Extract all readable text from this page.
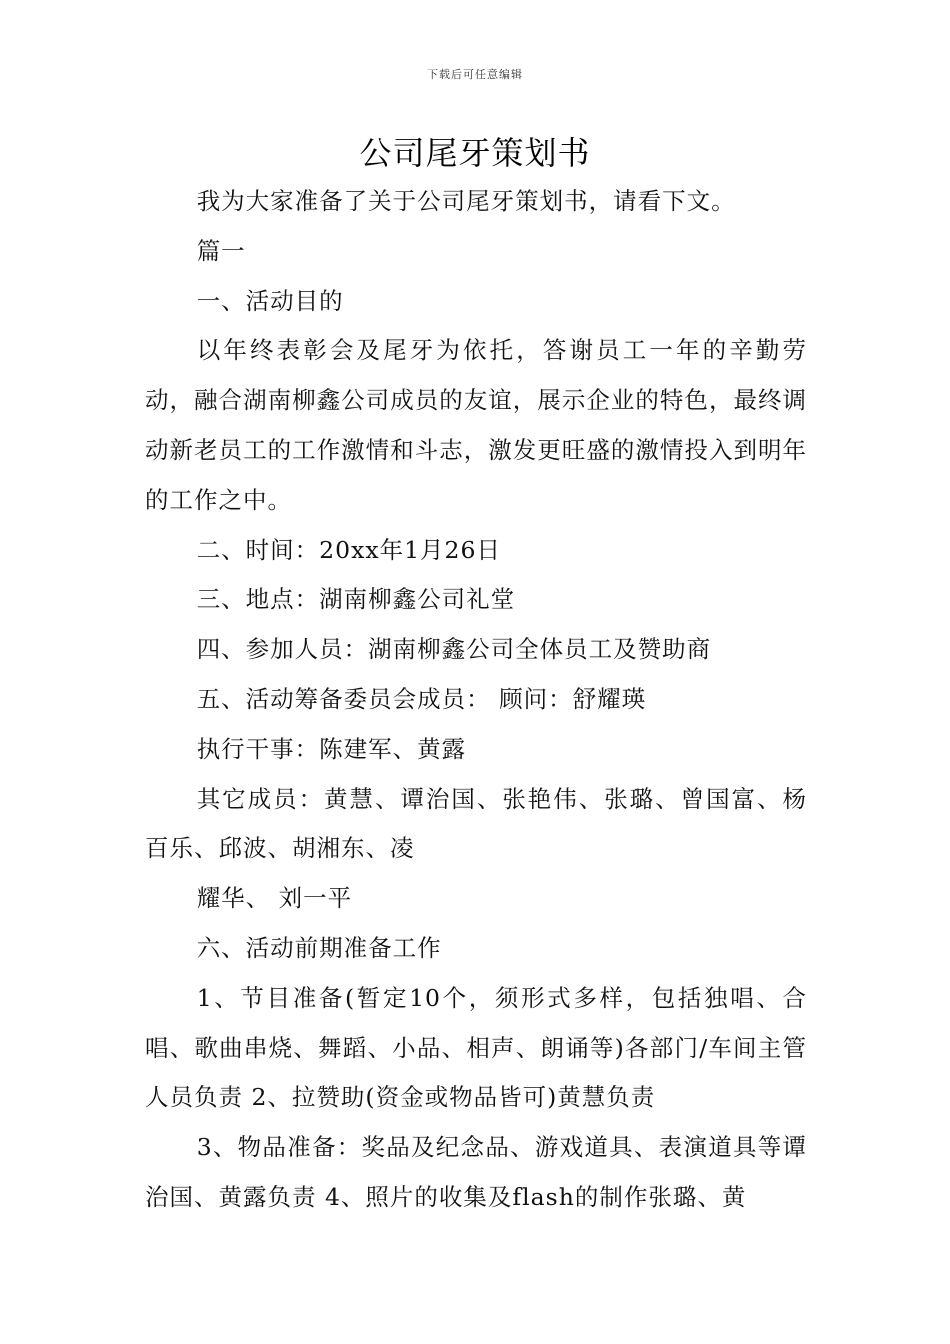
下载后可任意编辑
公司尾牙策划书

我为大家准备了关于公司尾牙策划书，请看下文。

篇一

一、活动目的

以年终表彰会及尾牙为依托，答谢员工一年的辛勤劳动，融合湖南柳鑫公司成员的友谊，展示企业的特色，最终调动新老员工的工作激情和斗志，激发更旺盛的激情投入到明年的工作之中。

二、时间：20xx年1月26日

三、地点：湖南柳鑫公司礼堂

四、参加人员：湖南柳鑫公司全体员工及赞助商

五、活动筹备委员会成员： 顾问：舒耀瑛

执行干事：陈建军、黄露

其它成员：黄慧、谭治国、张艳伟、张璐、曾国富、杨百乐、邱波、胡湘东、凌

耀华、 刘一平

六、活动前期准备工作

1、节目准备(暂定10个，须形式多样，包括独唱、合唱、歌曲串烧、舞蹈、小品、相声、朗诵等)各部门/车间主管人员负责 2、拉赞助(资金或物品皆可)黄慧负责

3、物品准备：奖品及纪念品、游戏道具、表演道具等谭治国、黄露负责 4、照片的收集及flash的制作张璐、黄
